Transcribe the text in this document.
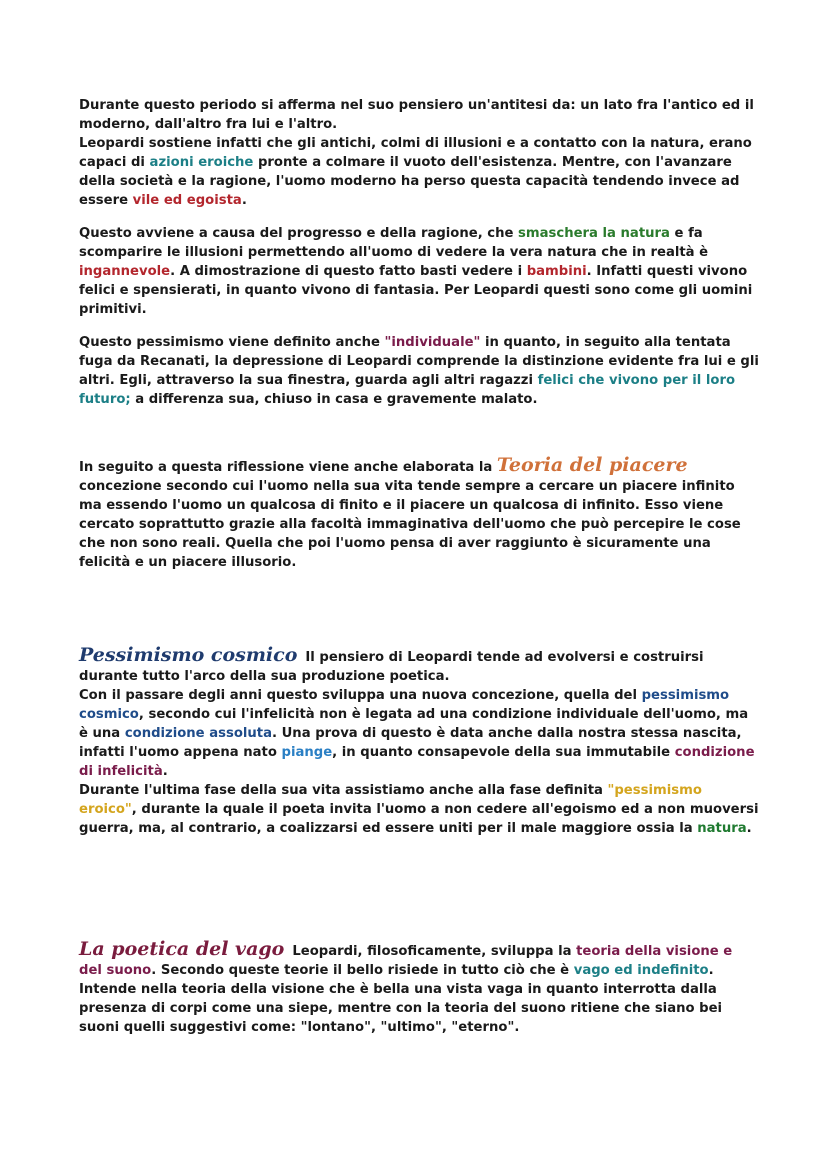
Durante questo periodo si afferma nel suo pensiero un'antitesi da: un lato fra l'antico ed il moderno, dall'altro fra lui e l'altro.
Leopardi sostiene infatti che gli antichi, colmi di illusioni e a contatto con la natura, erano capaci di azioni eroiche pronte a colmare il vuoto dell'esistenza. Mentre, con l'avanzare della società e la ragione, l'uomo moderno ha perso questa capacità tendendo invece ad essere vile ed egoista.

Questo avviene a causa del progresso e della ragione, che smaschera la natura e fa scomparire le illusioni permettendo all'uomo di vedere la vera natura che in realtà è ingannevole. A dimostrazione di questo fatto basti vedere i bambini. Infatti questi vivono felici e spensierati, in quanto vivono di fantasia. Per Leopardi questi sono come gli uomini primitivi.

Questo pessimismo viene definito anche "individuale" in quanto, in seguito alla tentata fuga da Recanati, la depressione di Leopardi comprende la distinzione evidente fra lui e gli altri. Egli, attraverso la sua finestra, guarda agli altri ragazzi felici che vivono per il loro futuro; a differenza sua, chiuso in casa e gravemente malato.

In seguito a questa riflessione viene anche elaborata la Teoria del piacere
concezione secondo cui l'uomo nella sua vita tende sempre a cercare un piacere infinito ma essendo l'uomo un qualcosa di finito e il piacere un qualcosa di infinito. Esso viene cercato soprattutto grazie alla facoltà immaginativa dell'uomo che può percepire le cose che non sono reali. Quella che poi l'uomo pensa di aver raggiunto è sicuramente una felicità e un piacere illusorio.

Pessimismo cosmico Il pensiero di Leopardi tende ad evolversi e costruirsi durante tutto l'arco della sua produzione poetica.
Con il passare degli anni questo sviluppa una nuova concezione, quella del pessimismo cosmico, secondo cui l'infelicità non è legata ad una condizione individuale dell'uomo, ma è una condizione assoluta. Una prova di questo è data anche dalla nostra stessa nascita, infatti l'uomo appena nato piange, in quanto consapevole della sua immutabile condizione di infelicità.
Durante l'ultima fase della sua vita assistiamo anche alla fase definita "pessimismo eroico", durante la quale il poeta invita l'uomo a non cedere all'egoismo ed a non muoversi guerra, ma, al contrario, a coalizzarsi ed essere uniti per il male maggiore ossia la natura.

La poetica del vago Leopardi, filosoficamente, sviluppa la teoria della visione e del suono. Secondo queste teorie il bello risiede in tutto ciò che è vago ed indefinito.
Intende nella teoria della visione che è bella una vista vaga in quanto interrotta dalla presenza di corpi come una siepe, mentre con la teoria del suono ritiene che siano bei suoni quelli suggestivi come: "lontano", "ultimo", "eterno".
